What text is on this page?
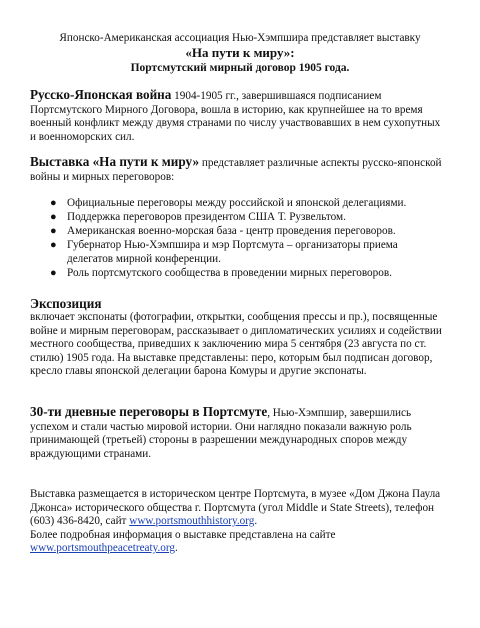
Японско-Американская ассоциация Нью-Хэмпшира представляет выставку
«На пути к миру»:
Портсмутский мирный договор 1905 года.
Русско-Японская война 1904-1905 гг., завершившаяся подписанием Портсмутского Мирного Договора, вошла в историю, как крупнейшее на то время военный конфликт между двумя странами по числу участвовавших в нем сухопутных и военноморских сил.
Выставка «На пути к миру» представляет различные аспекты русско-японской войны и мирных переговоров:
● Официальные переговоры между российской и японской делегациями.
● Поддержка переговоров президентом США Т. Рузвельтом.
● Американская военно-морская база - центр проведения переговоров.
● Губернатор Нью-Хэмпшира и мэр Портсмута – организаторы приема делегатов мирной конференции.
● Роль портсмутского сообщества в проведении мирных переговоров.
Экспозиция
включает экспонаты (фотографии, открытки, сообщения прессы и пр.), посвященные войне и мирным переговорам, рассказывает о дипломатических усилиях и содействии местного сообщества, приведших к заключению мира 5 сентября (23 августа по ст. стилю) 1905 года. На выставке представлены: перо, которым был подписан договор, кресло главы японской делегации барона Комуры и другие экспонаты.
30-ти дневные переговоры в Портсмуте, Нью-Хэмпшир, завершились успехом и стали частью мировой истории. Они наглядно показали важную роль принимающей (третьей) стороны в разрешении международных споров между враждующими странами.
Выставка размещается в историческом центре Портсмута, в музее «Дом Джона Паула Джонса» исторического общества г. Портсмута (угол Middle и State Streets), телефон (603) 436-8420, сайт www.portsmouthhistory.org.
Более подробная информация о выставке представлена на сайте
www.portsmouthpeacetreaty.org.
